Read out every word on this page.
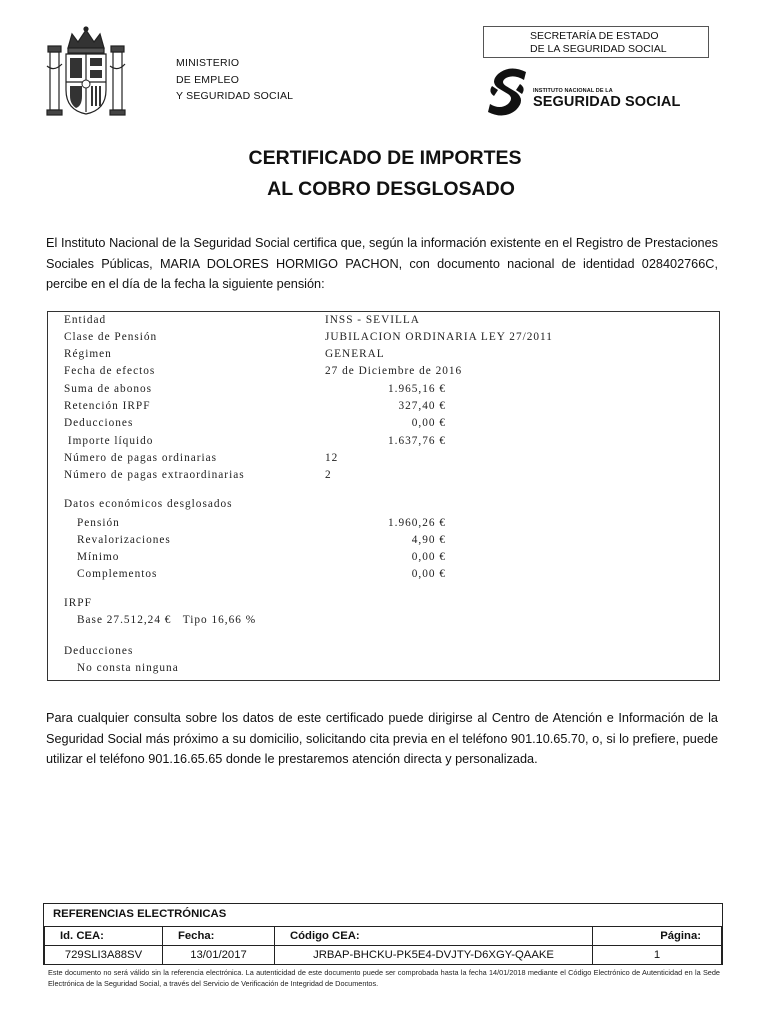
MINISTERIO
DE EMPLEO
Y SEGURIDAD SOCIAL
SECRETARÍA DE ESTADO
DE LA SEGURIDAD SOCIAL
INSTITUTO NACIONAL DE LA
SEGURIDAD SOCIAL
CERTIFICADO DE IMPORTES
AL COBRO DESGLOSADO
El Instituto Nacional de la Seguridad Social certifica que, según la información existente en el Registro de Prestaciones Sociales Públicas, MARIA DOLORES HORMIGO PACHON, con documento nacional de identidad 028402766C, percibe en el día de la fecha la siguiente pensión:
Entidad	INSS - SEVILLA
Clase de Pensión	JUBILACION ORDINARIA LEY 27/2011
Régimen	GENERAL
Fecha de efectos	27 de Diciembre de 2016
Suma de abonos	1.965,16 €
Retención IRPF	327,40 €
Deducciones	0,00 €
Importe líquido	1.637,76 €
Número de pagas ordinarias	12
Número de pagas extraordinarias	2
Datos económicos desglosados
Pensión	1.960,26 €
Revalorizaciones	4,90 €
Mínimo	0,00 €
Complementos	0,00 €
IRPF
Base 27.512,24 €   Tipo 16,66 %
Deducciones
No consta ninguna
Para cualquier consulta sobre los datos de este certificado puede dirigirse al Centro de Atención e Información de la Seguridad Social más próximo a su domicilio, solicitando cita previa en el teléfono 901.10.65.70, o, si lo prefiere, puede utilizar el teléfono 901.16.65.65 donde le prestaremos atención directa y personalizada.
REFERENCIAS ELECTRÓNICAS
Id. CEA:	Fecha:	Código CEA:	Página:
729SLI3A88SV	13/01/2017	JRBAP-BHCKU-PK5E4-DVJTY-D6XGY-QAAKE	1
Este documento no será válido sin la referencia electrónica. La autenticidad de este documento puede ser comprobada hasta la fecha 14/01/2018 mediante el Código Electrónico de Autenticidad en la Sede Electrónica de la Seguridad Social, a través del Servicio de Verificación de Integridad de Documentos.
